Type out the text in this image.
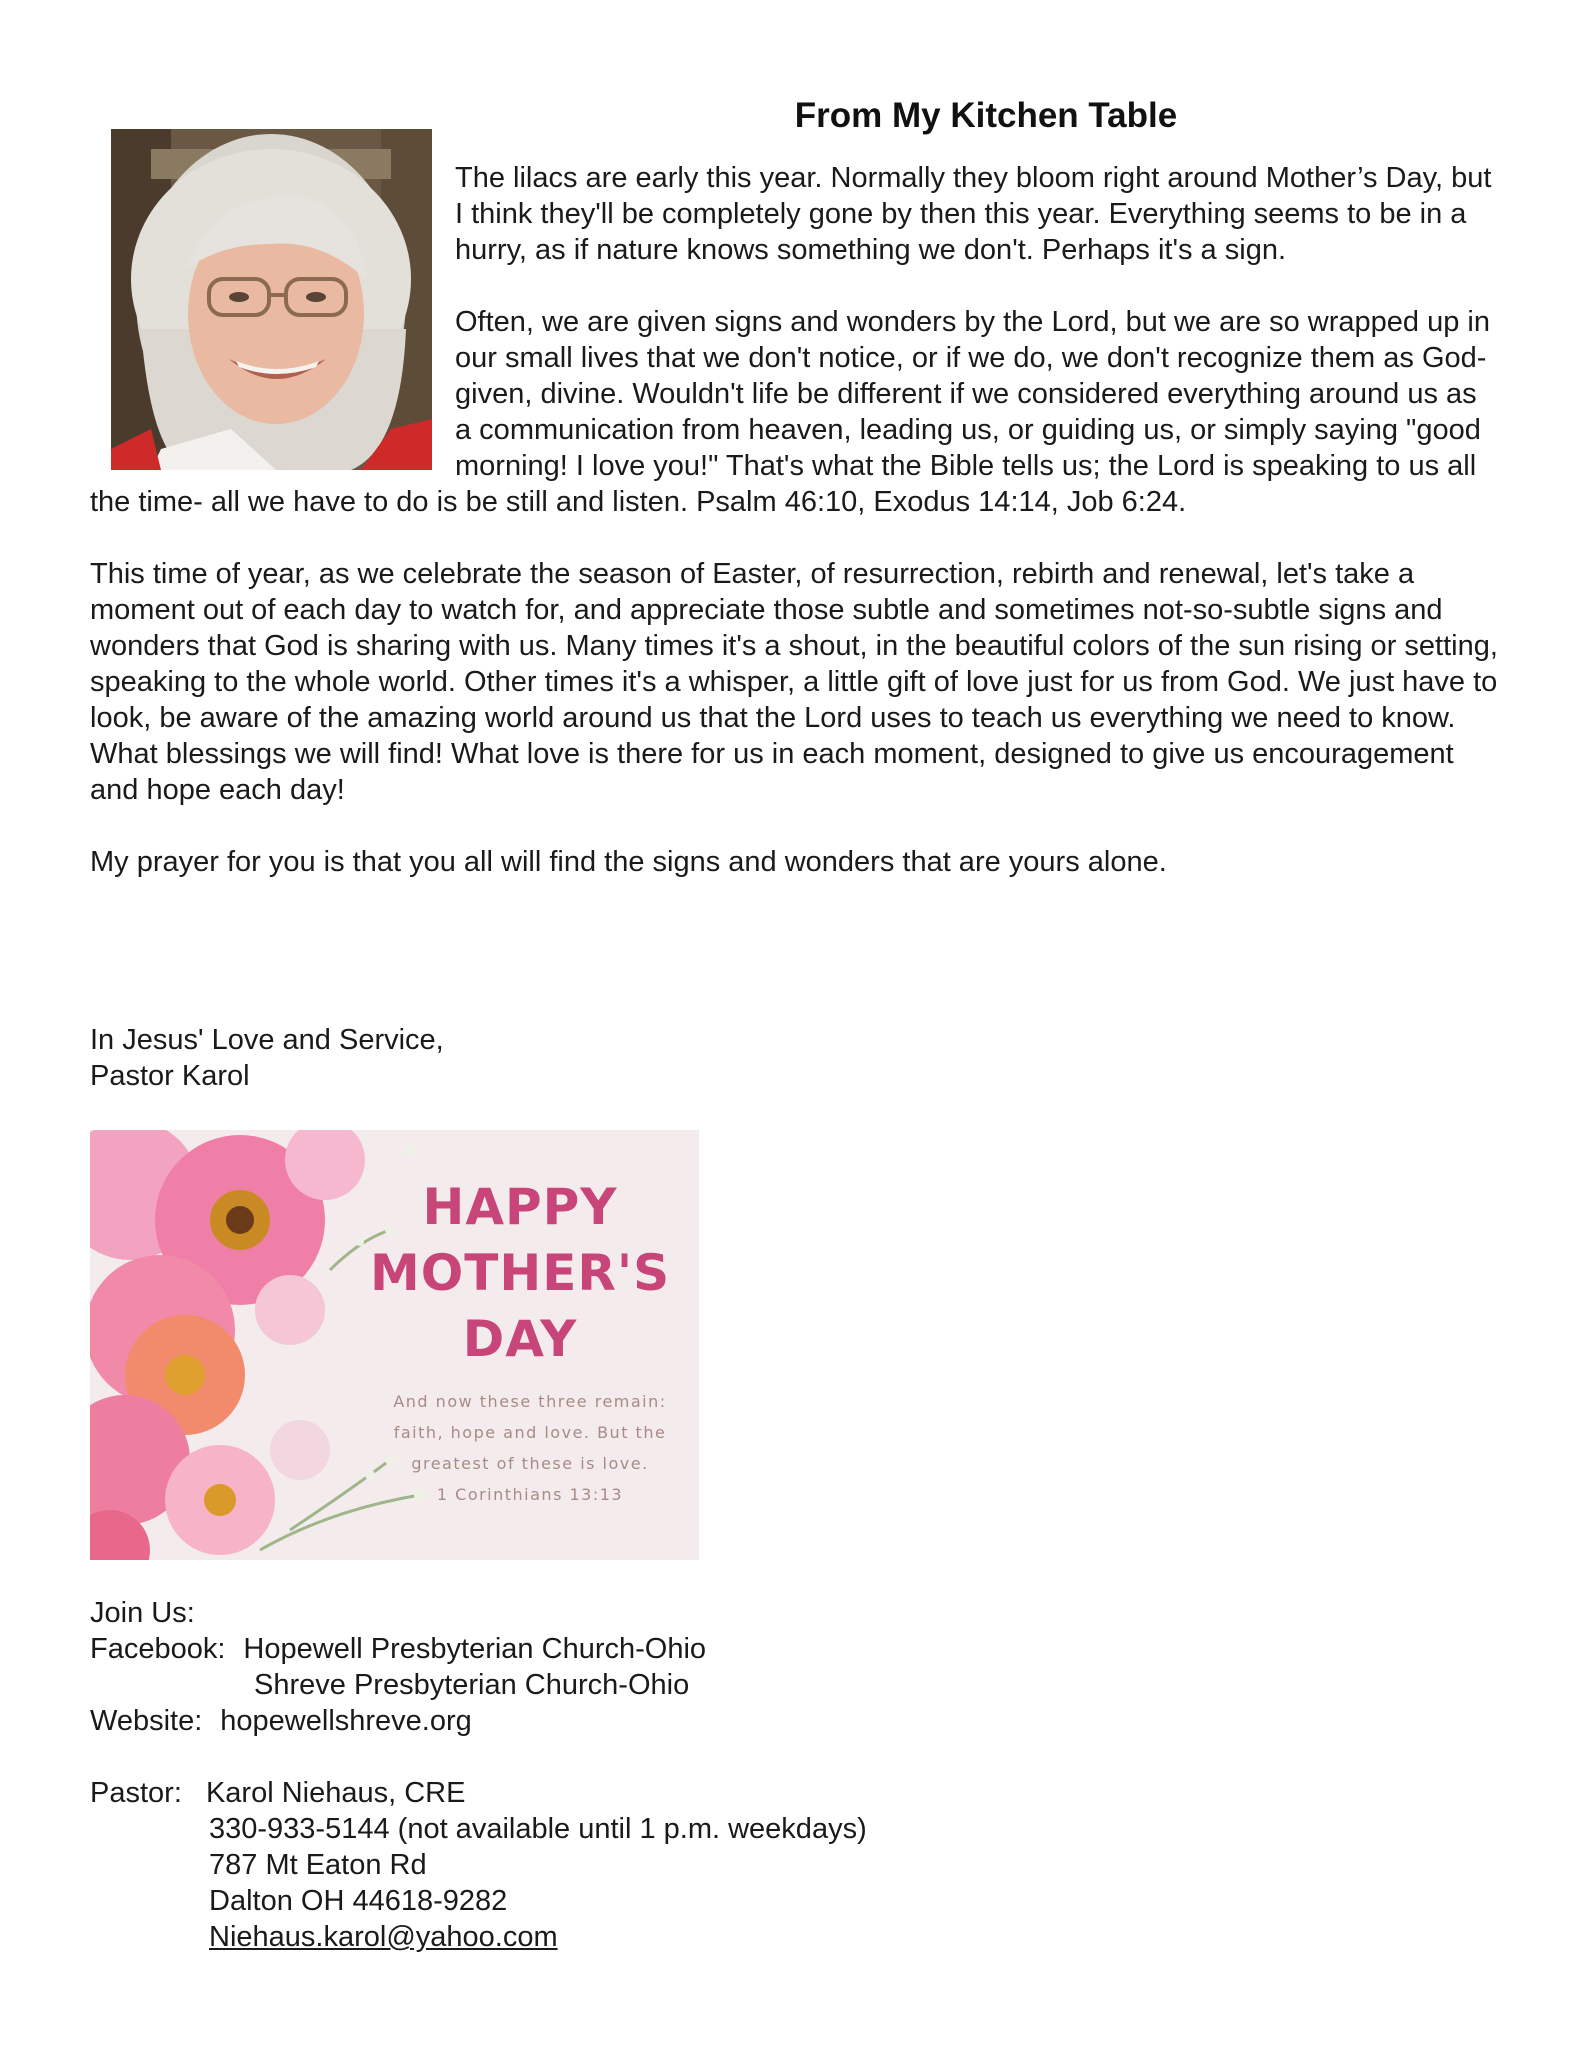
From My Kitchen Table

The lilacs are early this year. Normally they bloom right around Mother’s Day, but I think they'll be completely gone by then this year. Everything seems to be in a hurry, as if nature knows something we don't. Perhaps it's a sign.

Often, we are given signs and wonders by the Lord, but we are so wrapped up in our small lives that we don't notice, or if we do, we don't recognize them as God-given, divine. Wouldn't life be different if we considered everything around us as a communication from heaven, leading us, or guiding us, or simply saying "good morning! I love you!" That's what the Bible tells us; the Lord is speaking to us all the time- all we have to do is be still and listen. Psalm 46:10, Exodus 14:14, Job 6:24.

This time of year, as we celebrate the season of Easter, of resurrection, rebirth and renewal, let's take a moment out of each day to watch for, and appreciate those subtle and sometimes not-so-subtle signs and wonders that God is sharing with us. Many times it's a shout, in the beautiful colors of the sun rising or setting, speaking to the whole world. Other times it's a whisper, a little gift of love just for us from God. We just have to look, be aware of the amazing world around us that the Lord uses to teach us everything we need to know. What blessings we will find! What love is there for us in each moment, designed to give us encouragement and hope each day!

My prayer for you is that you all will find the signs and wonders that are yours alone.

In Jesus' Love and Service,
Pastor Karol
HAPPY
MOTHER'S
DAY
And now these three remain:
faith, hope and love. But the
greatest of these is love.
1 Corinthians 13:13
Join Us:
Facebook: Hopewell Presbyterian Church-Ohio
Shreve Presbyterian Church-Ohio
Website: hopewellshreve.org
Pastor: Karol Niehaus, CRE
330-933-5144 (not available until 1 p.m. weekdays)
787 Mt Eaton Rd
Dalton OH 44618-9282
Niehaus.karol@yahoo.com
